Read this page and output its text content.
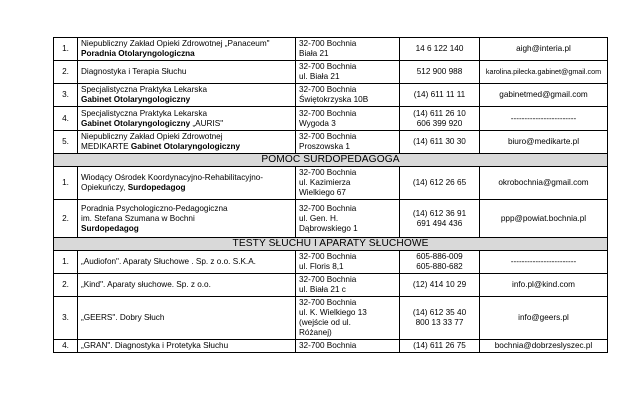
1.	Niepubliczny Zakład Opieki Zdrowotnej „Panaceum"
Poradnia Otolaryngologiczna	32-700 Bochnia
Biała 21	14 6 122 140	aigh@interia.pl
2.	Diagnostyka i Terapia Słuchu	32-700 Bochnia
ul. Biała 21	512 900 988	karolina.pilecka.gabinet@gmail.com
3.	Specjalistyczna Praktyka Lekarska
Gabinet Otolaryngologiczny	32-700 Bochnia
Świętokrzyska 10B	(14) 611 11 11	gabinetmed@gmail.com
4.	Specjalistyczna Praktyka Lekarska
Gabinet Otolaryngologiczny „AURIS"	32-700 Bochnia
Wygoda 3	(14) 611 26 10
606 399 920	------------------------
5.	Niepubliczny Zakład Opieki Zdrowotnej
MEDIKARTE Gabinet Otolaryngologiczny	32-700 Bochnia
Proszowska 1	(14) 611 30 30	biuro@medikarte.pl
POMOC SURDOPEDAGOGA				
1.	Wiodący Ośrodek Koordynacyjno-Rehabilitacyjno-
Opiekuńczy, Surdopedagog	32-700 Bochnia
ul. Kazimierza
Wielkiego 67	(14) 612 26 65	okrobochnia@gmail.com
2.	Poradnia Psychologiczno-Pedagogiczna
im. Stefana Szumana w Bochni
Surdopedagog	32-700 Bochnia
ul. Gen. H.
Dąbrowskiego 1	(14) 612 36 91
691 494 436	ppp@powiat.bochnia.pl
TESTY SŁUCHU I APARATY SŁUCHOWE				
1.	„Audiofon". Aparaty Słuchowe . Sp. z o.o. S.K.A.	32-700 Bochnia
ul. Floris 8,1	605-886-009
605-880-682	------------------------
2.	„Kind". Aparaty słuchowe. Sp. z o.o.	32-700 Bochnia
ul. Biała 21 c	(12) 414 10 29	info.pl@kind.com
3.	„GEERS". Dobry Słuch	32-700 Bochnia
ul. K. Wielkiego 13
(wejście od ul.
Różanej)	(14) 612 35 40
800 13 33 77	info@geers.pl
4.	„GRAN". Diagnostyka i Protetyka Słuchu	32-700 Bochnia	(14) 611 26 75	bochnia@dobrzeslyszec.pl
